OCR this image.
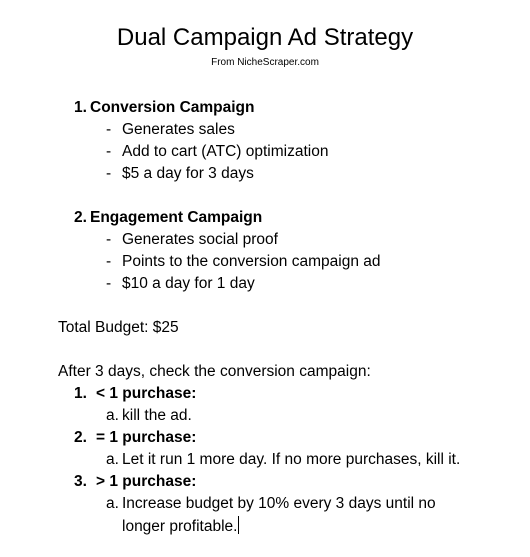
Dual Campaign Ad Strategy
From NicheScraper.com
1. Conversion Campaign
- Generates sales
- Add to cart (ATC) optimization
- $5 a day for 3 days
2. Engagement Campaign
- Generates social proof
- Points to the conversion campaign ad
- $10 a day for 1 day
Total Budget: $25
After 3 days, check the conversion campaign:
1. < 1 purchase:
a. kill the ad.
2. = 1 purchase:
a. Let it run 1 more day. If no more purchases, kill it.
3. > 1 purchase:
a. Increase budget by 10% every 3 days until no
longer profitable.
